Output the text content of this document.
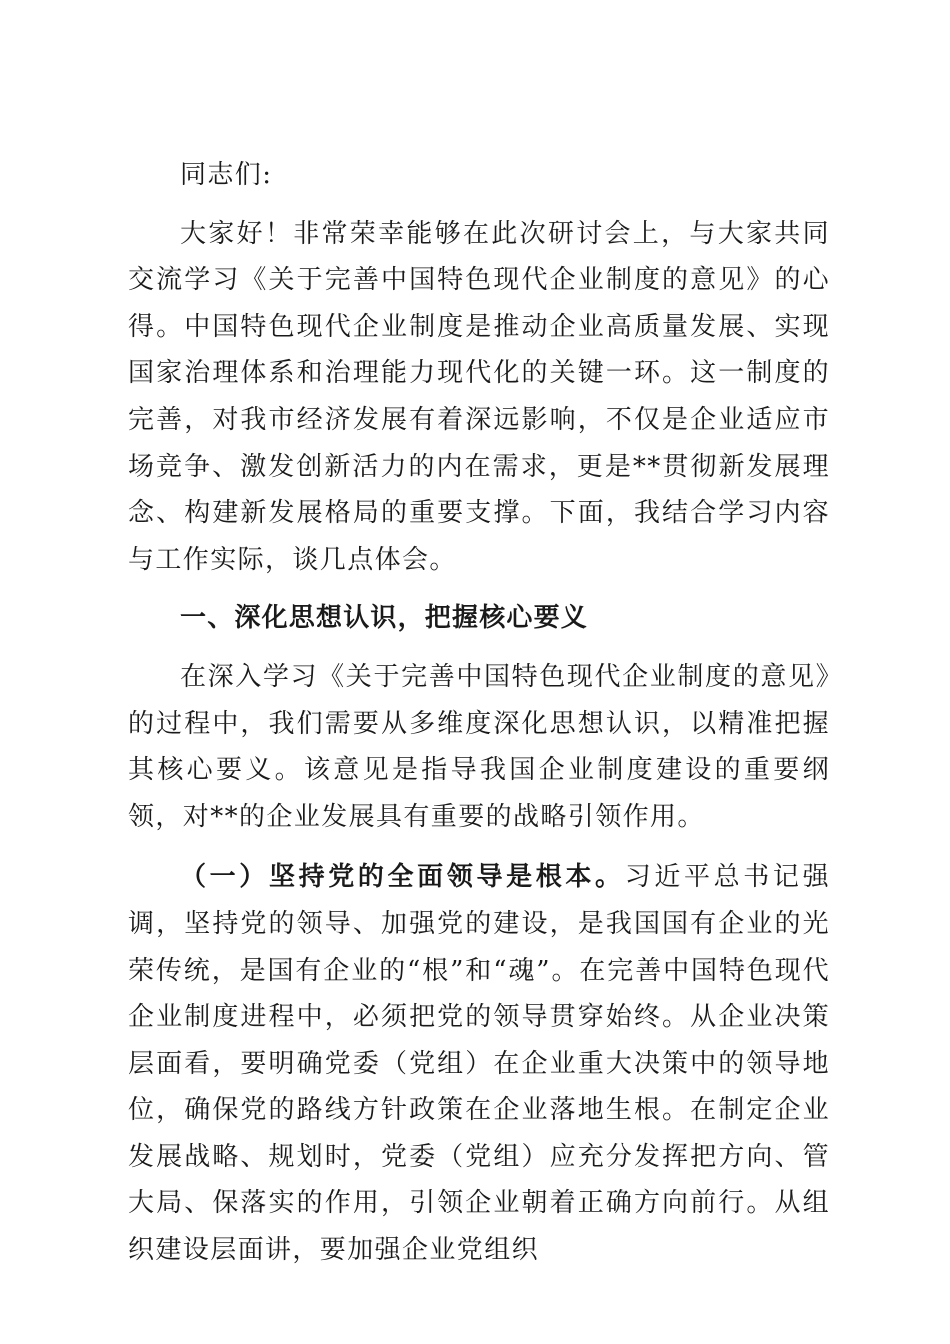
同志们:

大家好！非常荣幸能够在此次研讨会上，与大家共同交流学习《关于完善中国特色现代企业制度的意见》的心得。中国特色现代企业制度是推动企业高质量发展、实现国家治理体系和治理能力现代化的关键一环。这一制度的完善，对我市经济发展有着深远影响，不仅是企业适应市场竞争、激发创新活力的内在需求，更是**贯彻新发展理念、构建新发展格局的重要支撑。下面，我结合学习内容与工作实际，谈几点体会。

一、深化思想认识，把握核心要义

在深入学习《关于完善中国特色现代企业制度的意见》的过程中，我们需要从多维度深化思想认识，以精准把握其核心要义。该意见是指导我国企业制度建设的重要纲领，对**的企业发展具有重要的战略引领作用。

（一）坚持党的全面领导是根本。习近平总书记强调，坚持党的领导、加强党的建设，是我国国有企业的光荣传统，是国有企业的“根”和“魂”。在完善中国特色现代企业制度进程中，必须把党的领导贯穿始终。从企业决策层面看，要明确党委（党组）在企业重大决策中的领导地位，确保党的路线方针政策在企业落地生根。在制定企业发展战略、规划时，党委（党组）应充分发挥把方向、管大局、保落实的作用，引领企业朝着正确方向前行。从组织建设层面讲，要加强企业党组织
